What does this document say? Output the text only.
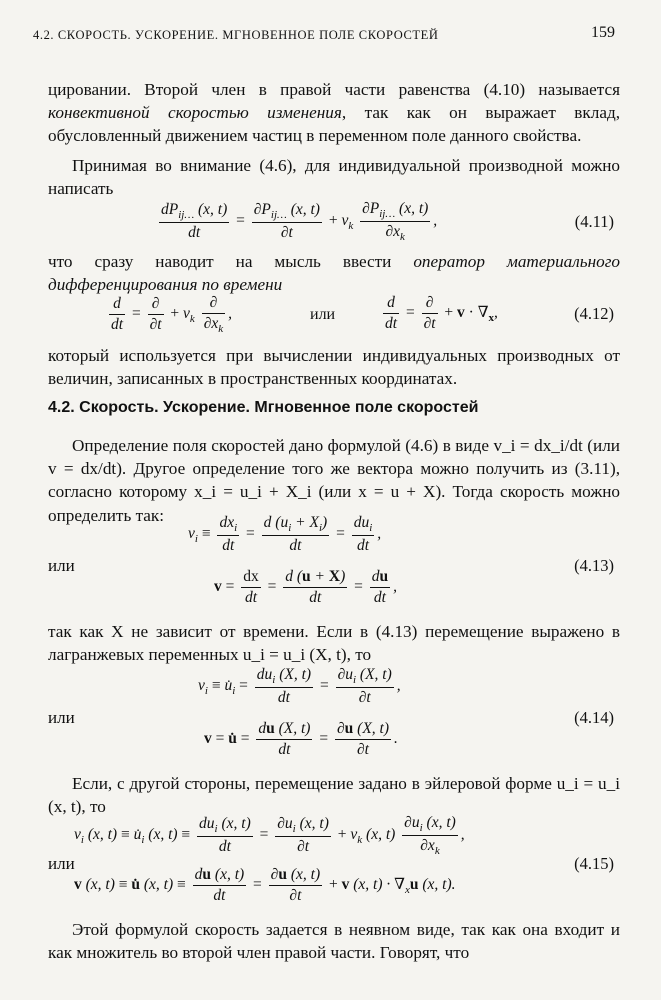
4.2. СКОРОСТЬ. УСКОРЕНИЕ. МГНОВЕННОЕ ПОЛЕ СКОРОСТЕЙ	159

цировании. Второй член в правой части равенства (4.10) называется конвективной скоростью изменения, так как он выражает вклад, обусловленный движением частиц в переменном поле данного свойства.

Принимая во внимание (4.6), для индивидуальной производной можно написать

$\frac{dP_{ij\dots} (x, t)}{dt} = \frac{\partial P_{ij\dots} (x, t)}{\partial t} + v_k \frac{\partial P_{ij\dots} (x, t)}{\partial x_k}$ ,	(4.11)

что сразу наводит на мысль ввести оператор материального дифференцирования по времени

$\frac{d}{dt} = \frac{\partial}{\partial t} + v_k \frac{\partial}{\partial x_k}$ ,	или	$\frac{d}{dt} = \frac{\partial}{\partial t} + v \cdot \nabla_x$,	(4.12)

который используется при вычислении индивидуальных производных от величин, записанных в пространственных координатах.

4.2. Скорость. Ускорение. Мгновенное поле скоростей

Определение поля скоростей дано формулой (4.6) в виде v_i = dx_i/dt (или v = dx/dt). Другое определение того же вектора можно получить из (3.11), согласно которому x_i = u_i + X_i (или x = u + X). Тогда скорость можно определить так:

$v_i \equiv \frac{dx_i}{dt} = \frac{d (u_i + X_i)}{dt} = \frac{du_i}{dt}$ ,
или
$v = \frac{dx}{dt} = \frac{d (u + X)}{dt} = \frac{du}{dt}$ ,
(4.13)

так как X не зависит от времени. Если в (4.13) перемещение выражено в лагранжевых переменных u_i = u_i (X, t), то

$v_i$ ≡ $u̇_i = \frac{du_i (X, t)}{dt} = \frac{\partial u_i (X, t)}{\partial t}$ ,
или
v = u̇ = $\frac{du (X, t)}{dt} = \frac{\partial u (X, t)}{\partial t}$ .
(4.14)

Если, с другой стороны, перемещение задано в эйлеровой форме u_i = u_i (x, t), то

$v_i$ (x, $t) \equiv u̇_i$ (x, $t) \equiv \frac{du_i (x, t)}{dt} = \frac{\partial u_i (x, t)}{\partial t} + v_k$ (x, $t) \frac{\partial u_i (x, t)}{\partial x_k}$ ,
или
v (x, t) ≡ u̇ (x, $t) \equiv \frac{du (x, t)}{dt} = \frac{\partial u (x, t)}{\partial t} + v$ (x, $t) \cdot \nabla_xu$ (x, t).
(4.15)

Этой формулой скорость задается в неявном виде, так как она входит и как множитель во второй член правой части. Говорят, что
